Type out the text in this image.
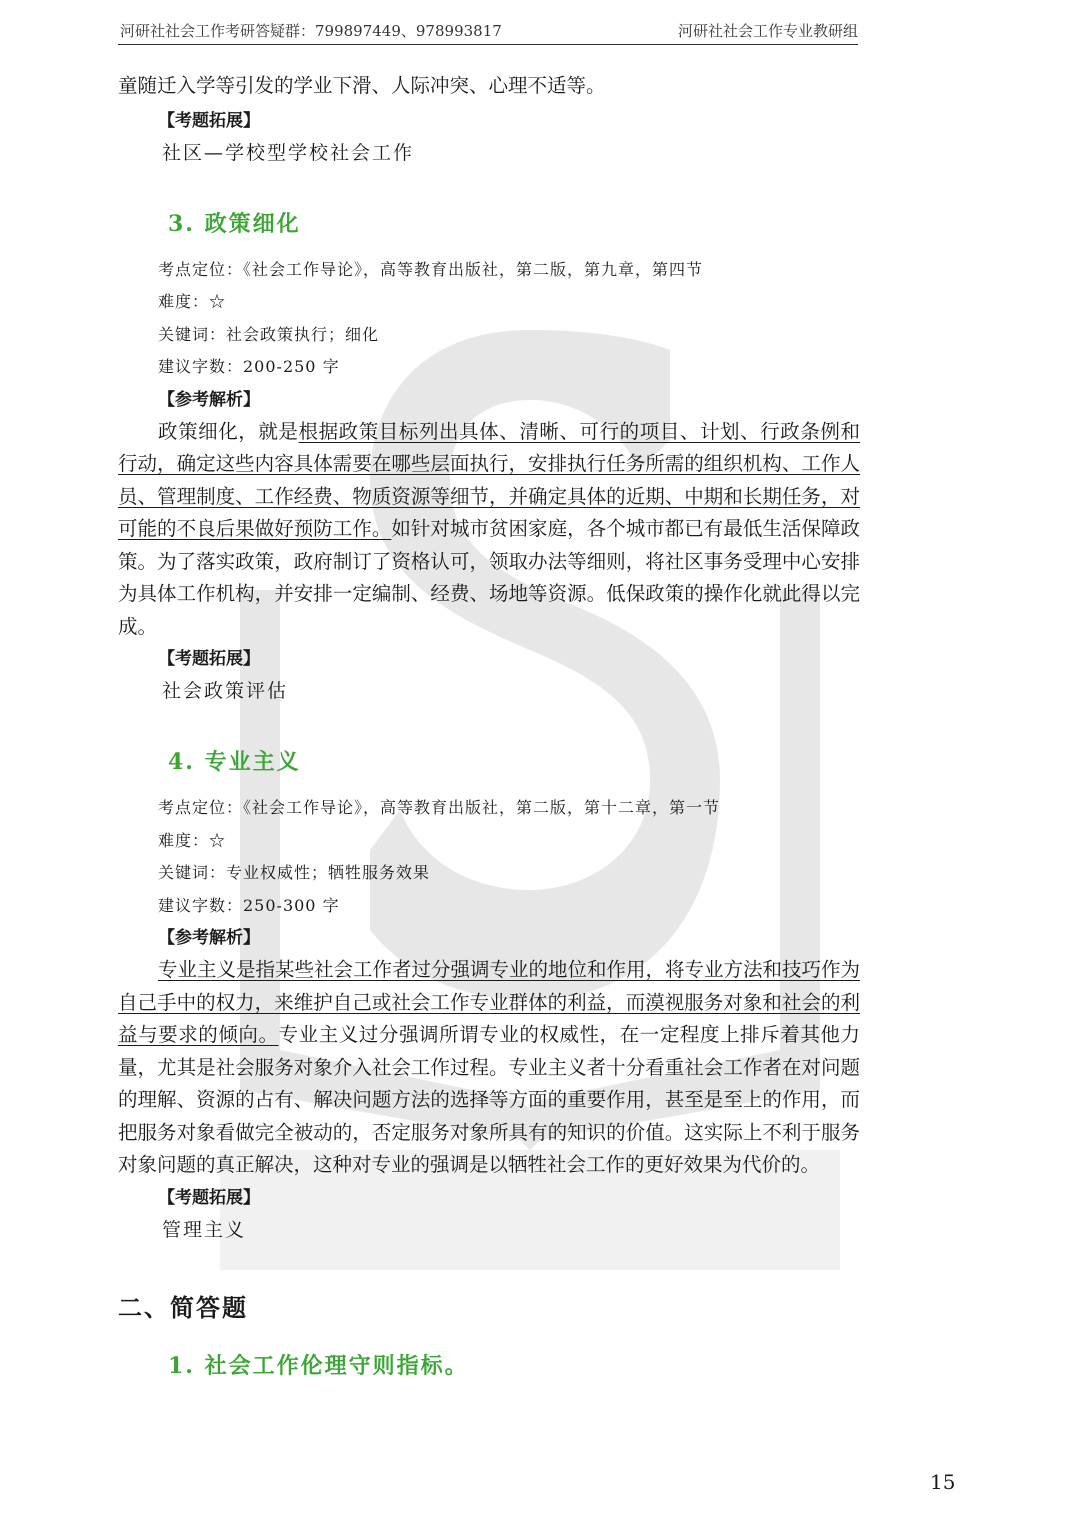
河研社社会工作考研答疑群：799897449、978993817	河研社社会工作专业教研组
童随迁入学等引发的学业下滑、人际冲突、心理不适等。
【考题拓展】
社区—学校型学校社会工作
3. 政策细化
考点定位：《社会工作导论》，高等教育出版社，第二版，第九章，第四节
难度：☆
关键词：社会政策执行；细化
建议字数：200-250 字
【参考解析】
政策细化，就是根据政策目标列出具体、清晰、可行的项目、计划、行政条例和行动，确定这些内容具体需要在哪些层面执行，安排执行任务所需的组织机构、工作人员、管理制度、工作经费、物质资源等细节，并确定具体的近期、中期和长期任务，对可能的不良后果做好预防工作。如针对城市贫困家庭，各个城市都已有最低生活保障政策。为了落实政策，政府制订了资格认可，领取办法等细则，将社区事务受理中心安排为具体工作机构，并安排一定编制、经费、场地等资源。低保政策的操作化就此得以完成。
【考题拓展】
社会政策评估
4. 专业主义
考点定位：《社会工作导论》，高等教育出版社，第二版，第十二章，第一节
难度：☆
关键词：专业权威性；牺牲服务效果
建议字数：250-300 字
【参考解析】
专业主义是指某些社会工作者过分强调专业的地位和作用，将专业方法和技巧作为自己手中的权力，来维护自己或社会工作专业群体的利益，而漠视服务对象和社会的利益与要求的倾向。专业主义过分强调所谓专业的权威性，在一定程度上排斥着其他力量，尤其是社会服务对象介入社会工作过程。专业主义者十分看重社会工作者在对问题的理解、资源的占有、解决问题方法的选择等方面的重要作用，甚至是至上的作用，而把服务对象看做完全被动的，否定服务对象所具有的知识的价值。这实际上不利于服务对象问题的真正解决，这种对专业的强调是以牺牲社会工作的更好效果为代价的。
【考题拓展】
管理主义
二、简答题
1. 社会工作伦理守则指标。
15
